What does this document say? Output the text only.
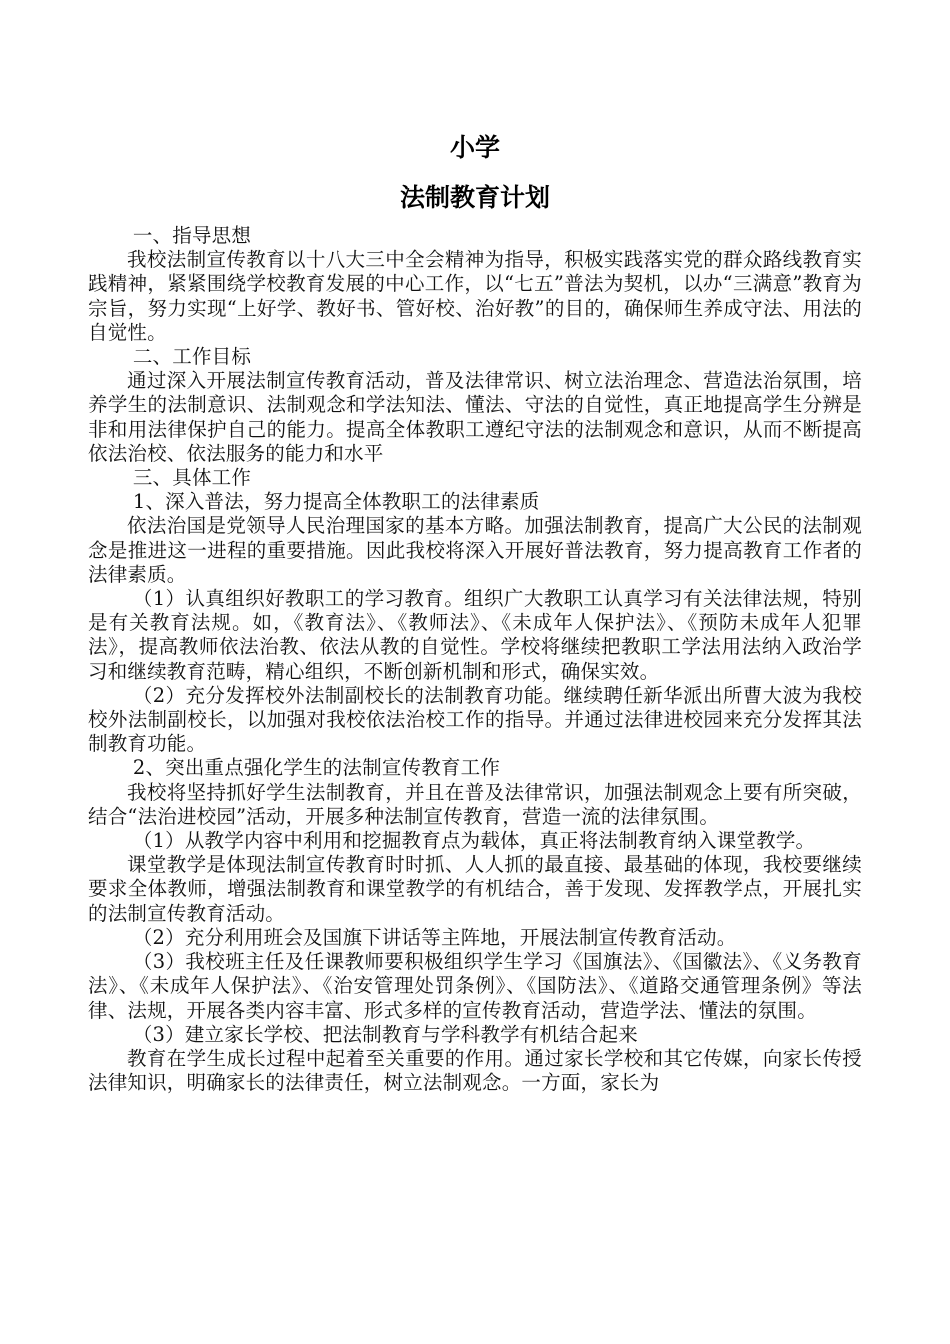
小学
法制教育计划

一、指导思想

我校法制宣传教育以十八大三中全会精神为指导，积极实践落实党的群众路线教育实践精神，紧紧围绕学校教育发展的中心工作，以“七五”普法为契机，以办“三满意”教育为宗旨，努力实现“上好学、教好书、管好校、治好教”的目的，确保师生养成守法、用法的自觉性。

二、工作目标

通过深入开展法制宣传教育活动，普及法律常识、树立法治理念、营造法治氛围，培养学生的法制意识、法制观念和学法知法、懂法、守法的自觉性，真正地提高学生分辨是非和用法律保护自己的能力。提高全体教职工遵纪守法的法制观念和意识，从而不断提高依法治校、依法服务的能力和水平

三、具体工作

1、深入普法，努力提高全体教职工的法律素质

依法治国是党领导人民治理国家的基本方略。加强法制教育，提高广大公民的法制观念是推进这一进程的重要措施。因此我校将深入开展好普法教育，努力提高教育工作者的法律素质。

（1）认真组织好教职工的学习教育。组织广大教职工认真学习有关法律法规，特别是有关教育法规。如，《教育法》、《教师法》、《未成年人保护法》、《预防未成年人犯罪法》，提高教师依法治教、依法从教的自觉性。学校将继续把教职工学法用法纳入政治学习和继续教育范畴，精心组织，不断创新机制和形式，确保实效。

（2）充分发挥校外法制副校长的法制教育功能。继续聘任新华派出所曹大波为我校校外法制副校长，以加强对我校依法治校工作的指导。并通过法律进校园来充分发挥其法制教育功能。

2、突出重点强化学生的法制宣传教育工作

我校将坚持抓好学生法制教育，并且在普及法律常识，加强法制观念上要有所突破，结合“法治进校园”活动，开展多种法制宣传教育，营造一流的法律氛围。

（1）从教学内容中利用和挖掘教育点为载体，真正将法制教育纳入课堂教学。

课堂教学是体现法制宣传教育时时抓、人人抓的最直接、最基础的体现，我校要继续要求全体教师，增强法制教育和课堂教学的有机结合，善于发现、发挥教学点，开展扎实的法制宣传教育活动。

（2）充分利用班会及国旗下讲话等主阵地，开展法制宣传教育活动。

（3）我校班主任及任课教师要积极组织学生学习《国旗法》、《国徽法》、《义务教育法》、《未成年人保护法》、《治安管理处罚条例》、《国防法》、《道路交通管理条例》等法律、法规，开展各类内容丰富、形式多样的宣传教育活动，营造学法、懂法的氛围。

（3）建立家长学校、把法制教育与学科教学有机结合起来

教育在学生成长过程中起着至关重要的作用。通过家长学校和其它传媒，向家长传授法律知识，明确家长的法律责任，树立法制观念。一方面，家长为
